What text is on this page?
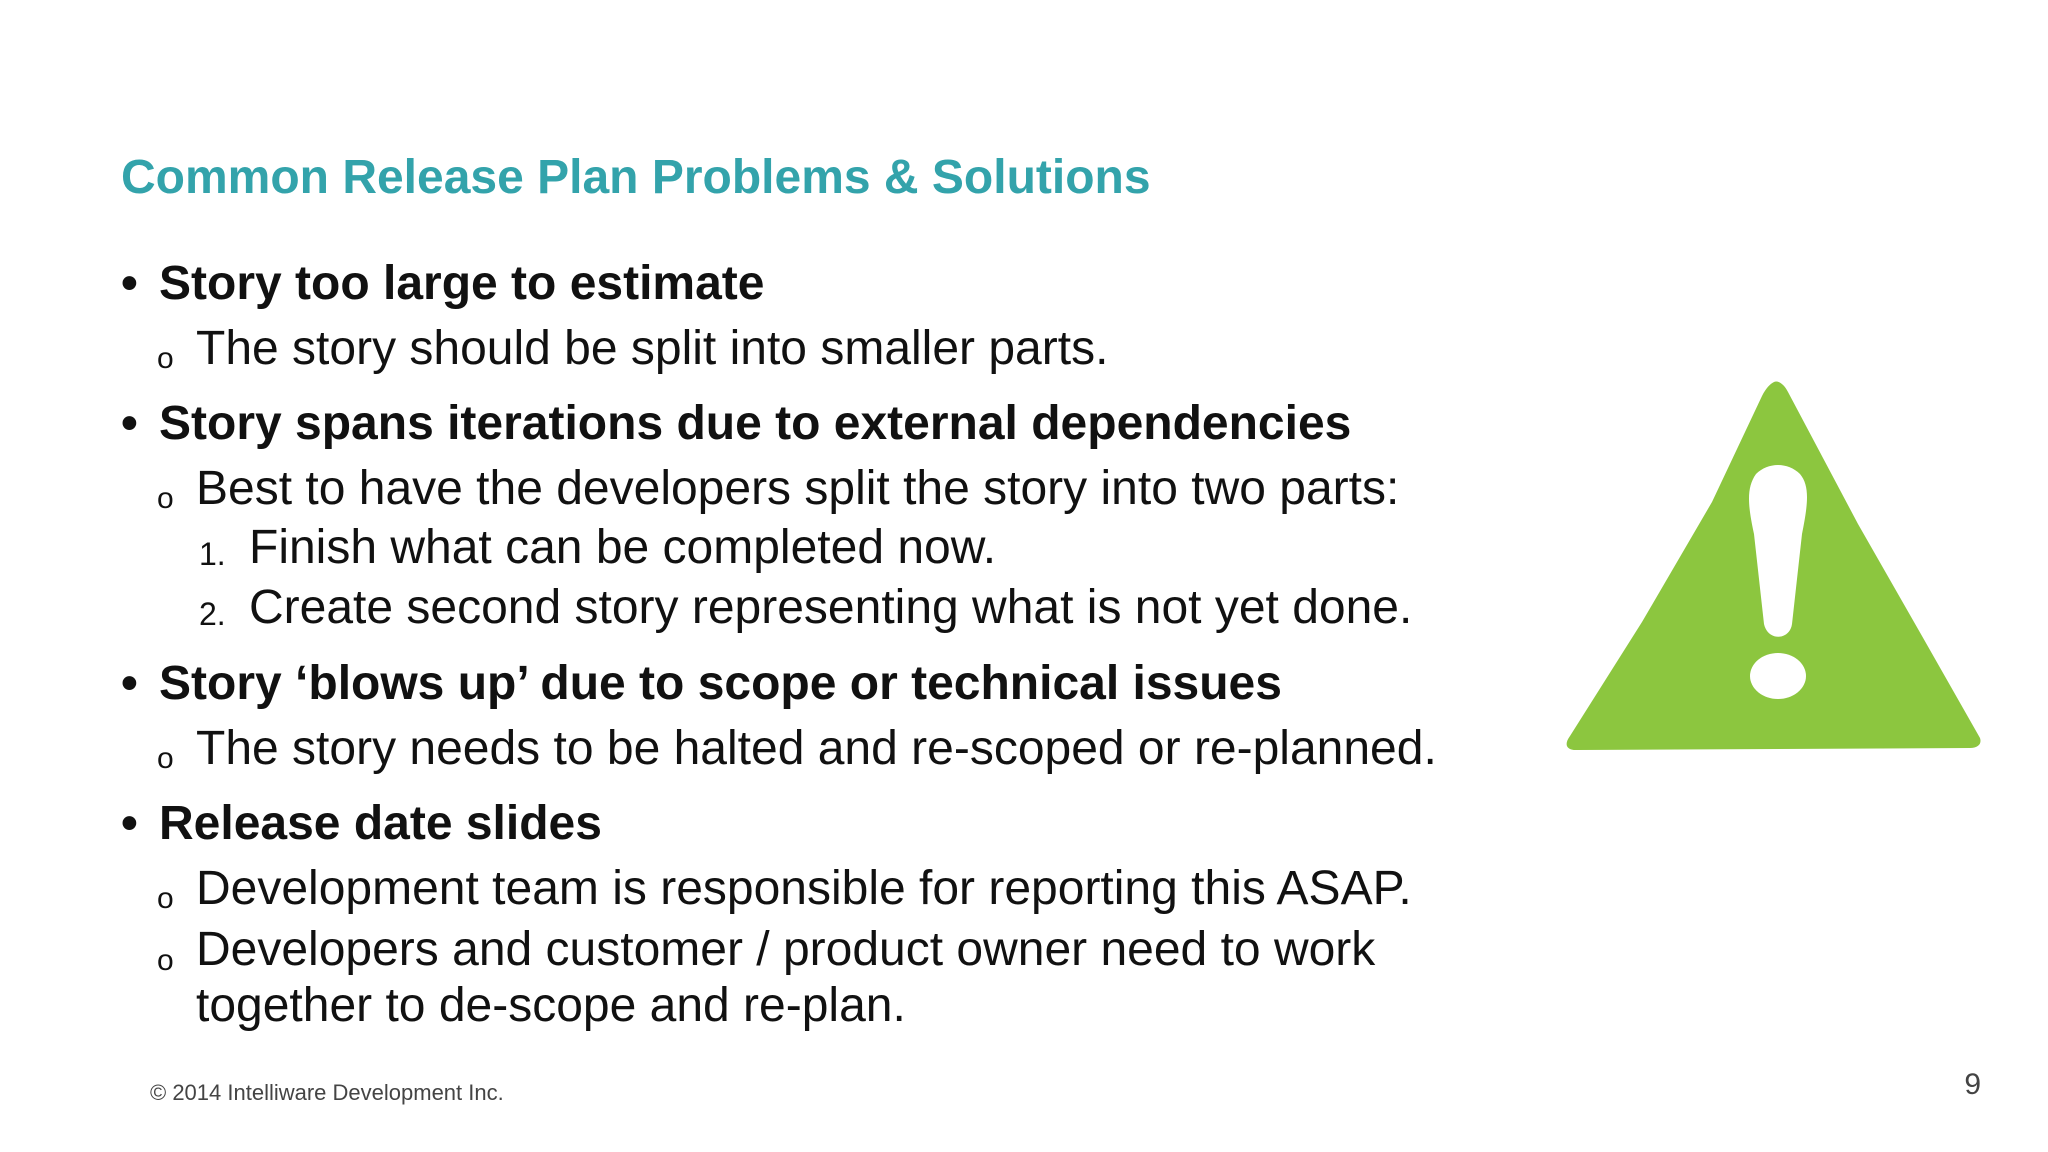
Common Release Plan Problems & Solutions
• Story too large to estimate
o The story should be split into smaller parts.
• Story spans iterations due to external dependencies
o Best to have the developers split the story into two parts:
1. Finish what can be completed now.
2. Create second story representing what is not yet done.
• Story ‘blows up’ due to scope or technical issues
o The story needs to be halted and re-scoped or re-planned.
• Release date slides
o Development team is responsible for reporting this ASAP.
o Developers and customer / product owner need to work together to de-scope and re-plan.
© 2014 Intelliware Development Inc.	9
